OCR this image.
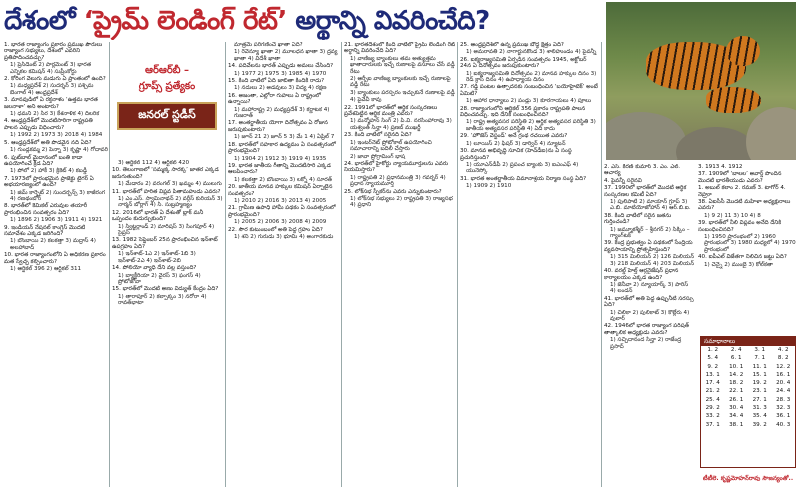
దేశంలో ‘ప్రైమ్ లెండింగ్ రేట్’ అర్థాన్ని వివరించేది?
ఆర్ఆర్‌బీ –
గ్రూప్స్ ప్రత్యేకం
జనరల్ స్టడీస్

1. భారత రాజ్యాంగం ప్రకారం ప్రముఖ పౌరులు రాజ్యాంగ సభ్యులు, దేశంలో ఎవరిని ప్రతిపాదించవచ్చు?

1) ప్రెసిడెంట్ 2) పార్లమెంట్ 3) భారత ఎన్నికల కమిషన్ 4) సుప్రీంకోర్టు

2. కోరింగ వెలుగు మడుగు ఏ ప్రాంతంలో ఉంది?

1) మధ్యప్రదేశ్ 2) సుదర్శన్ 3) పశ్చిమ బెంగాల్ 4) ఆంధ్రప్రదేశ్

3. మానవుడిలో ఏ రక్తనాళం ‘ఉత్తమ భారత జలనాళా’ అని అంటారు?

1) ధమని 2) సిర 3) కేశనాళిక 4) దిలరిక

4. ఆంధ్రప్రదేశ్‌లో మొదటిసారిగా రాష్ట్రపతి పాలన ఎప్పుడు విధించారు?

1) 1992 2) 1973 3) 2018 4) 1984

5. ఆంధ్రప్రదేశ్‌లో అతి పొడవైన నది ఏది?

1) గుండ్లకమ్మ 2) పెన్నా 3) కృష్ణా 4) గోదావరి

6. ఫుట్‌బాల్ మైదానంలో బంతి కాడా ఉపయోగించే క్రీడ ఏది?

1) పోలో 2) హాకీ 3) క్రికెట్ 4) కబడ్డీ

7. 1973లో ప్రారంభమైన ప్రాజెక్టు టైగర్ ఏ అభయారణ్యంలో ఉంది?

1) జిమ్ కార్బెట్ 2) సుందర్బన్స్ 3) కాజీరంగ 4) రణథంబోర్

8. భారత్‌లో కెమికల్ ఎరువుల తయారీ ప్రారంభించిన సంవత్సరం ఏది?

1) 1896 2) 1906 3) 1911 4) 1921

9. ఇండియన్ నేషనల్ కాంగ్రెస్ మొదటి సమావేశం ఎక్కడ జరిగింది?

1) బొంబాయి 2) కలకత్తా 3) మద్రాస్ 4) అలహాబాద్

10. భారత రాజ్యాంగంలోని ఏ అధికరణ ప్రకారం మత స్వేచ్ఛ కల్పించారు?

1) ఆర్టికల్ 396 2) ఆర్టికల్ 311

3) ఆర్టికల్ 112 4) ఆర్టికల్ 420

10. తెలంగాణలో ‘సమ్మక్క సారక్క’ జాతర ఎక్కడ జరుగుతుంది?

1) మేడారం 2) వరంగల్ 3) ఖమ్మం 4) ములుగు

11. భారత్‌లో హరిత విప్లవ పితామహుడు ఎవరు?

1) ఎం.ఎస్. స్వామినాథన్ 2) వర్గీస్ కురియన్ 3) నార్మన్ బోర్లాగ్ 4) సి. సుబ్రహ్మణ్యం

12. 2016లో భారత్ ఏ దేశంతో బ్లాక్ మనీ ఒప్పందం కుదుర్చుకుంది?

1) స్విట్జర్లాండ్ 2) మారిషస్ 3) సింగపూర్ 4) సైప్రస్

13. 1982 సెప్టెంబర్ 25న ప్రారంభించిన ఇన్‌శాట్ ఉపగ్రహం ఏది?

1) ఇన్‌శాట్-1ఎ 2) ఇన్‌శాట్-1బి 3) ఇన్‌శాట్-2ఎ 4) ఇన్‌శాట్-2బి

14. పోలియో వ్యాధి దేని వల్ల వస్తుంది?

1) బ్యాక్టీరియా 2) వైరస్ 3) ఫంగస్ 4) ప్రోటోజోవా

15. భారత్‌లో మొదటి అణు విద్యుత్ కేంద్రం ఏది?

1) తారాపూర్ 2) కల్పాక్కం 3) నరోరా 4) రావత్‌భాటా

మాత్రమే పరిగణించే ఖాతా ఏది?

1) రెవెన్యూ ఖాతా 2) మూలధన ఖాతా 3) ద్రవ్య ఖాతా 4) విదేశీ ఖాతా

14. పదివేలను భారత్ ఎప్పుడు అమలు చేసింది?

1) 1977 2) 1975 3) 1985 4) 1970

15. కింది వాటిలో ఏది జాబితా కిందికి రాదు?

1) నదులు 2) అడవులు 3) విద్య 4) రక్షణ

16. అజంతా, ఎల్లోరా గుహలు ఏ రాష్ట్రంలో ఉన్నాయి?

1) మహారాష్ట్ర 2) మధ్యప్రదేశ్ 3) కర్ణాటక 4) గుజరాత్

17. అంతర్జాతీయ యోగా దినోత్సవం ఏ రోజున జరుపుకుంటారు?

1) జూన్ 21 2) జూన్ 5 3) మే 1 4) ఏప్రిల్ 7

18. భారత్‌లో సహకార ఉద్యమం ఏ సంవత్సరంలో ప్రారంభమైంది?

1) 1904 2) 1912 3) 1919 4) 1935

19. భారత జాతీయ గీతాన్ని మొదటిసారి ఎక్కడ ఆలపించారు?

1) కలకత్తా 2) బొంబాయి 3) లక్నో 4) సూరత్

20. జాతీయ మానవ హక్కుల కమిషన్ ఏర్పాటైన సంవత్సరం?

1) 2010 2) 2016 3) 2013 4) 2005

21. గ్రామీణ ఉపాధి హామీ పథకం ఏ సంవత్సరంలో ప్రారంభమైంది?

1) 2005 2) 2006 3) 2008 4) 2009

22. సౌర కుటుంబంలో అతి పెద్ద గ్రహం ఏది?

1) శని 2) గురుడు 3) భూమి 4) అంగారకుడు

21. భారతదేశంలో కింది వాటిలో ప్రైమ్ లెండింగ్ రేట్ అర్థాన్ని వివరించేది ఏది?

1) వాణిజ్య బ్యాంకులు తమ అత్యుత్తమ ఖాతాదారులకు ఇచ్చే రుణాలపై వసూలు చేసే వడ్డీ రేటు

2) ఆర్బీఐ వాణిజ్య బ్యాంకులకు ఇచ్చే రుణాలపై వడ్డీ రేటు

3) బ్యాంకులు పరస్పరం ఇచ్చుకునే రుణాలపై వడ్డీ

4) పైవేవీ కావు

22. 1991లో భారత్‌లో ఆర్థిక సంస్కరణలు ప్రవేశపెట్టిన ఆర్థిక మంత్రి ఎవరు?

1) మన్మోహన్ సింగ్ 2) పి.వి. నరసింహారావు 3) యశ్వంత్ సిన్హా 4) ప్రణబ్ ముఖర్జీ

23. కింది వాటిలో సరైనది ఏది?

1) ఇంటర్‌నెట్ ప్రోటోకాల్ ఉపయోగించి సమాచారాన్ని బదిలీ చేస్తారు

2) జావా ప్రోగ్రామింగ్ భాష

24. భారత్‌లో హైకోర్టు న్యాయమూర్తులను ఎవరు నియమిస్తారు?

1) రాష్ట్రపతి 2) ప్రధానమంత్రి 3) గవర్నర్ 4) ప్రధాన న్యాయమూర్తి

25. లోక్‌సభ స్పీకర్‌ను ఎవరు ఎన్నుకుంటారు?

1) లోక్‌సభ సభ్యులు 2) రాష్ట్రపతి 3) రాజ్యసభ 4) ప్రధాని

25. ఆంధ్రప్రదేశ్‌లో ఉన్న ప్రముఖ బౌద్ధ క్షేత్రం ఏది?

1) అమరావతి 2) నాగార్జునకొండ 3) శాలిహుండం 4) పైవన్నీ

26. ఐక్యరాజ్యసమితి ఏర్పడిన సంవత్సరం 1945, అక్టోబర్ 24న ఏ దినోత్సవం జరుపుకుంటారు?

1) ఐక్యరాజ్యసమితి దినోత్సవం 2) మానవ హక్కుల దినం 3) రెడ్ క్రాస్ దినం 4) ఉపాధ్యాయ దినం

27. గడ్డి పంటల ఉత్పాదనకు సంబంధించిన ‘బయోహైటెక్’ అంటే ఏమిటి?

1) ఆహార ధాన్యాలు 2) పండ్లు 3) కూరగాయలు 4) పూలు

28. రాజ్యాంగంలోని ఆర్టికల్ 356 ప్రకారం రాష్ట్రపతి పాలన విధించవచ్చు. ఇది దేనికి సంబంధించినది?

1) రాష్ట్ర అత్యవసర పరిస్థితి 2) ఆర్థిక అత్యవసర పరిస్థితి 3) జాతీయ అత్యవసర పరిస్థితి 4) ఏదీ కాదు

29. ‘హౌజెస్ వెస్టండ్’ అనే గ్రంథ రచయిత ఎవరు?

1) లూయిస్ 2) ఫిషర్ 3) డార్విన్ 4) న్యూటన్

30. మానవ అభివృద్ధి సూచిక (హెచ్‌డీఐ)ను ఏ సంస్థ ప్రచురిస్తుంది?

1) యూఎన్‌డీపీ 2) ప్రపంచ బ్యాంకు 3) ఐఎంఎఫ్ 4) యునెస్కో

31. భారత అంతర్జాతీయ విమానాశ్రయ నిర్మాణ సంస్థ ఏది?

1) 1909 2) 1910

2. ఎస్. కిరణ్ కుమార్ 3. ఎం. ఎల్. ఆచార్య

4. పైవన్నీ సరైనవి

37. 1990లో భారత్‌లో మొదటి ఆర్థిక సంస్కరణల కమిటీ ఏది?

1) పులిపాటి 2) మాయాన్ గ్రూప్ 3) ఎ.బి. మాటియోజోహాన్ 4) ఆర్.బి.ఐ.

38. కింది వాటిలో సరైన జతను గుర్తించండి?

1) జమ్మూకశ్మీర్ – శ్రీనగర్ 2) సిక్కిం – గ్యాంగ్‌టక్

39. కేంద్ర ప్రభుత్వం ఏ పథకంలో సేంద్రియ వ్యవసాయాన్ని ప్రోత్సహిస్తుంది?

1) 315 మిలియన్ 2) 126 మిలియన్ 3) 218 మిలియన్ 4) 203 మిలియన్

40. వరల్డ్ హెల్త్ ఆర్గనైజేషన్ ప్రధాన కార్యాలయం ఎక్కడ ఉంది?

1) జెనీవా 2) న్యూయార్క్ 3) పారిస్ 4) లండన్

41. భారత్‌లో అతి పెద్ద ఉప్పునీటి సరస్సు ఏది?

1) చిలికా 2) పులికాట్ 3) కొల్లేరు 4) వులార్

42. 1946లో భారత రాజ్యాంగ పరిషత్ తాత్కాలిక అధ్యక్షుడు ఎవరు?

1) సచ్చిదానంద సిన్హా 2) రాజేంద్ర ప్రసాద్

3. 1913 4. 1912

37. 1909లో ‘బాలల’ అవార్డ్ పొందిన మొదటి భారతీయుడు ఎవరు?

1. అబుల్ కలాం 2. రమణ్ 3. టాగోర్ 4. నెహ్రూ

38. ఏఐసీసీ మొదటి మహిళా అధ్యక్షురాలు ఎవరు?

1) 9 2) 11 3) 10 4) 8

39. భారత్‌లో నీలి విప్లవం అనేది దేనికి సంబంధించినది?

1) 1950 ప్రారంభంలో 2) 1960 ప్రారంభంలో 3) 1980 మధ్యలో 4) 1970 ప్రారంభంలో

40. ఐపీఎల్ విజేతగా నిలిచిన జట్టు ఏది?

1) చెన్నై 2) ముంబై 3) కోల్‌కతా

సమాధానాలు
1. 2	2. 4	3. 1	4. 2
5. 4	6. 1	7. 1	8. 2
9. 2	10. 1	11. 1	12. 2
13. 1	14. 2	15. 1	16. 1
17. 4	18. 2	19. 2	20. 4
21. 2	22. 1	23. 1	24. 4
25. 4	26. 1	27. 1	28. 3
29. 2	30. 4	31. 3	32. 3
33. 2	34. 4	35. 4	36. 1
37. 1	38. 1	39. 2	40. 3
టీటీలె. కృష్ణమోహన్‌రావు సౌజన్యంతో..
